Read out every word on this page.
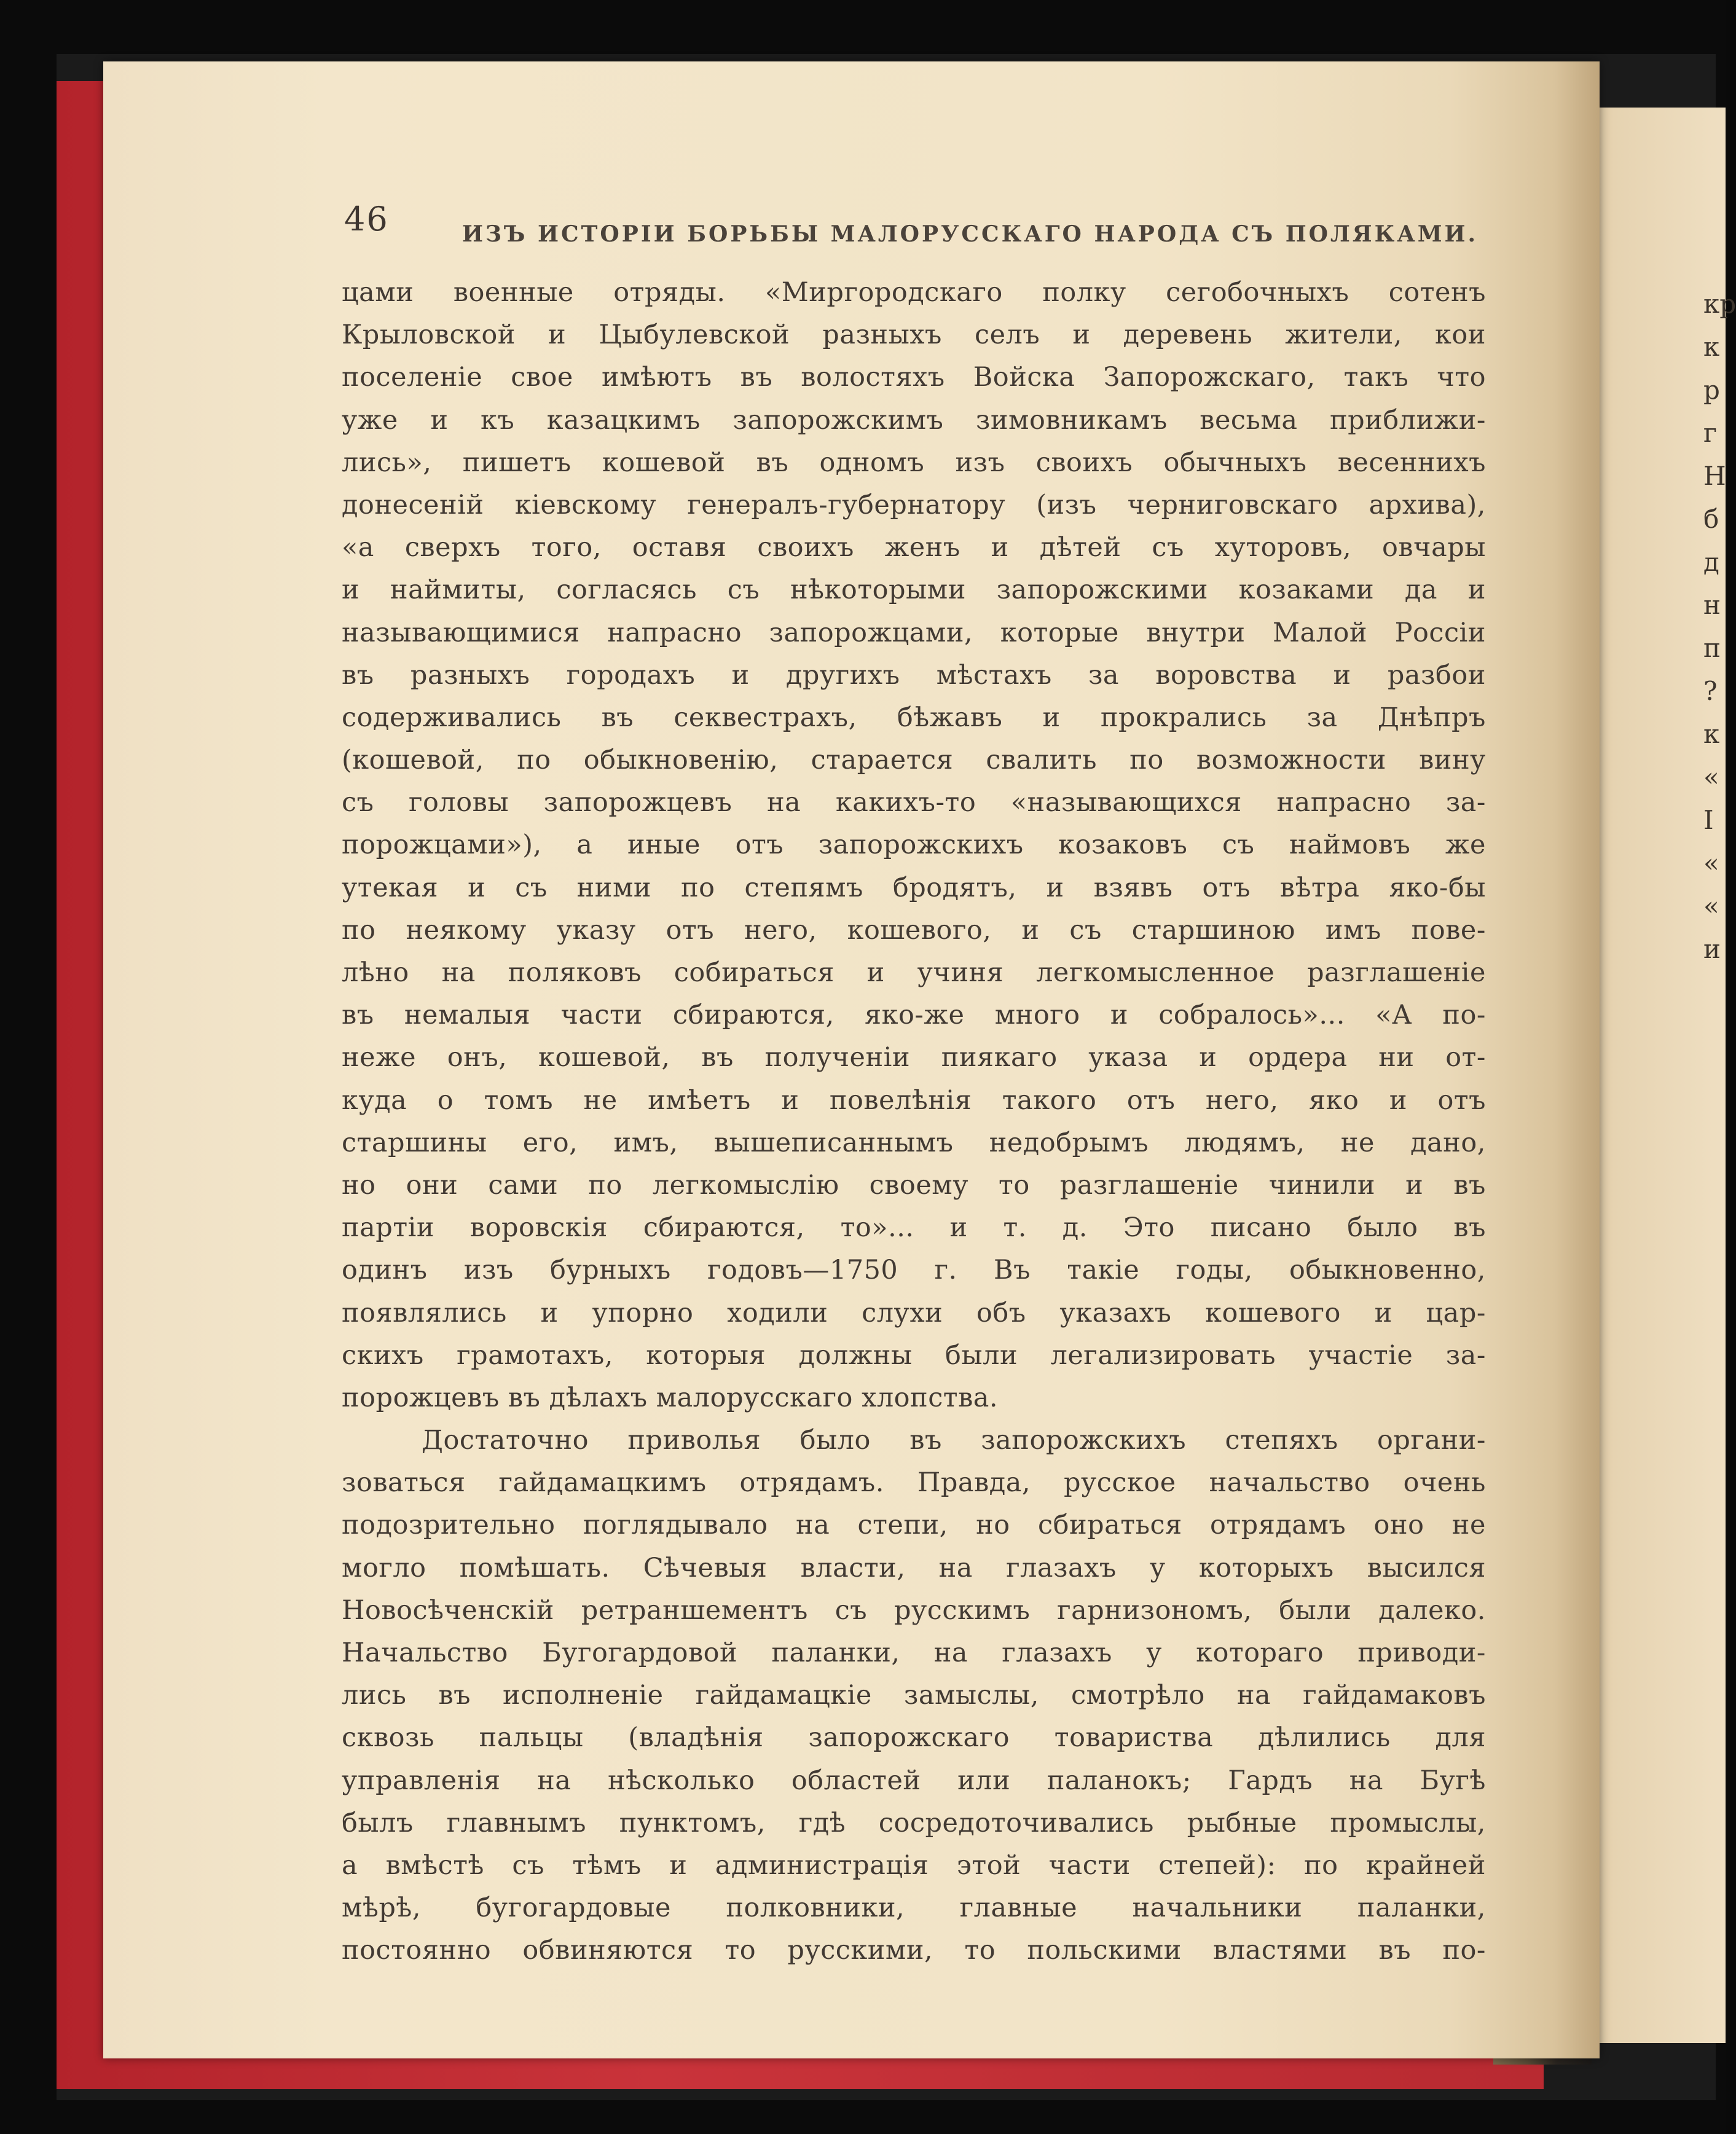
46	ИЗЪ ИСТОРІИ БОРЬБЫ МАЛОРУССКАГО НАРОДА СЪ ПОЛЯКАМИ.
цами военные отряды. «Миргородскаго полку сегобочныхъ сотенъ
Крыловской и Цыбулевской разныхъ селъ и деревень жители, кои
поселеніе свое имѣютъ въ волостяхъ Войска Запорожскаго, такъ что
уже и къ казацкимъ запорожскимъ зимовникамъ весьма приближи-
лись», пишетъ кошевой въ одномъ изъ своихъ обычныхъ весеннихъ
донесеній кіевскому генералъ-губернатору (изъ черниговскаго архива),
«а сверхъ того, оставя своихъ женъ и дѣтей съ хуторовъ, овчары
и наймиты, согласясь съ нѣкоторыми запорожскими козаками да и
называющимися напрасно запорожцами, которые внутри Малой Россіи
въ разныхъ городахъ и другихъ мѣстахъ за воровства и разбои
содерживались въ секвестрахъ, бѣжавъ и прокрались за Днѣпръ
(кошевой, по обыкновенію, старается свалить по возможности вину
съ головы запорожцевъ на какихъ-то «называющихся напрасно за-
порожцами»), а иные отъ запорожскихъ козаковъ съ наймовъ же
утекая и съ ними по степямъ бродятъ, и взявъ отъ вѣтра яко-бы
по неякому указу отъ него, кошевого, и съ старшиною имъ пове-
лѣно на поляковъ собираться и учиня легкомысленное разглашеніе
въ немалыя части сбираются, яко-же много и собралось»... «А по-
неже онъ, кошевой, въ полученіи пиякаго указа и ордера ни от-
куда о томъ не имѣетъ и повелѣнія такого отъ него, яко и отъ
старшины его, имъ, вышеписаннымъ недобрымъ людямъ, не дано,
но они сами по легкомыслію своему то разглашеніе чинили и въ
партіи воровскія сбираются, то»... и т. д. Это писано было въ
одинъ изъ бурныхъ годовъ—1750 г. Въ такіе годы, обыкновенно,
появлялись и упорно ходили слухи объ указахъ кошевого и цар-
скихъ грамотахъ, которыя должны были легализировать участіе за-
порожцевъ въ дѣлахъ малорусскаго хлопства.
Достаточно приволья было въ запорожскихъ степяхъ органи-
зоваться гайдамацкимъ отрядамъ. Правда, русское начальство очень
подозрительно поглядывало на степи, но сбираться отрядамъ оно не
могло помѣшать. Сѣчевыя власти, на глазахъ у которыхъ высился
Новосѣченскій ретраншементъ съ русскимъ гарнизономъ, были далеко.
Начальство Бугогардовой паланки, на глазахъ у котораго приводи-
лись въ исполненіе гайдамацкіе замыслы, смотрѣло на гайдамаковъ
сквозь пальцы (владѣнія запорожскаго товариства дѣлились для
управленія на нѣсколько областей или паланокъ; Гардъ на Бугѣ
былъ главнымъ пунктомъ, гдѣ сосредоточивались рыбные промыслы,
а вмѣстѣ съ тѣмъ и администрація этой части степей): по крайней
мѣрѣ, бугогардовые полковники, главные начальники паланки,
постоянно обвиняются то русскими, то польскими властями въ по-
кр
к
р
г
Н
б
д
н
п
?
к
«
І
«
«
и
